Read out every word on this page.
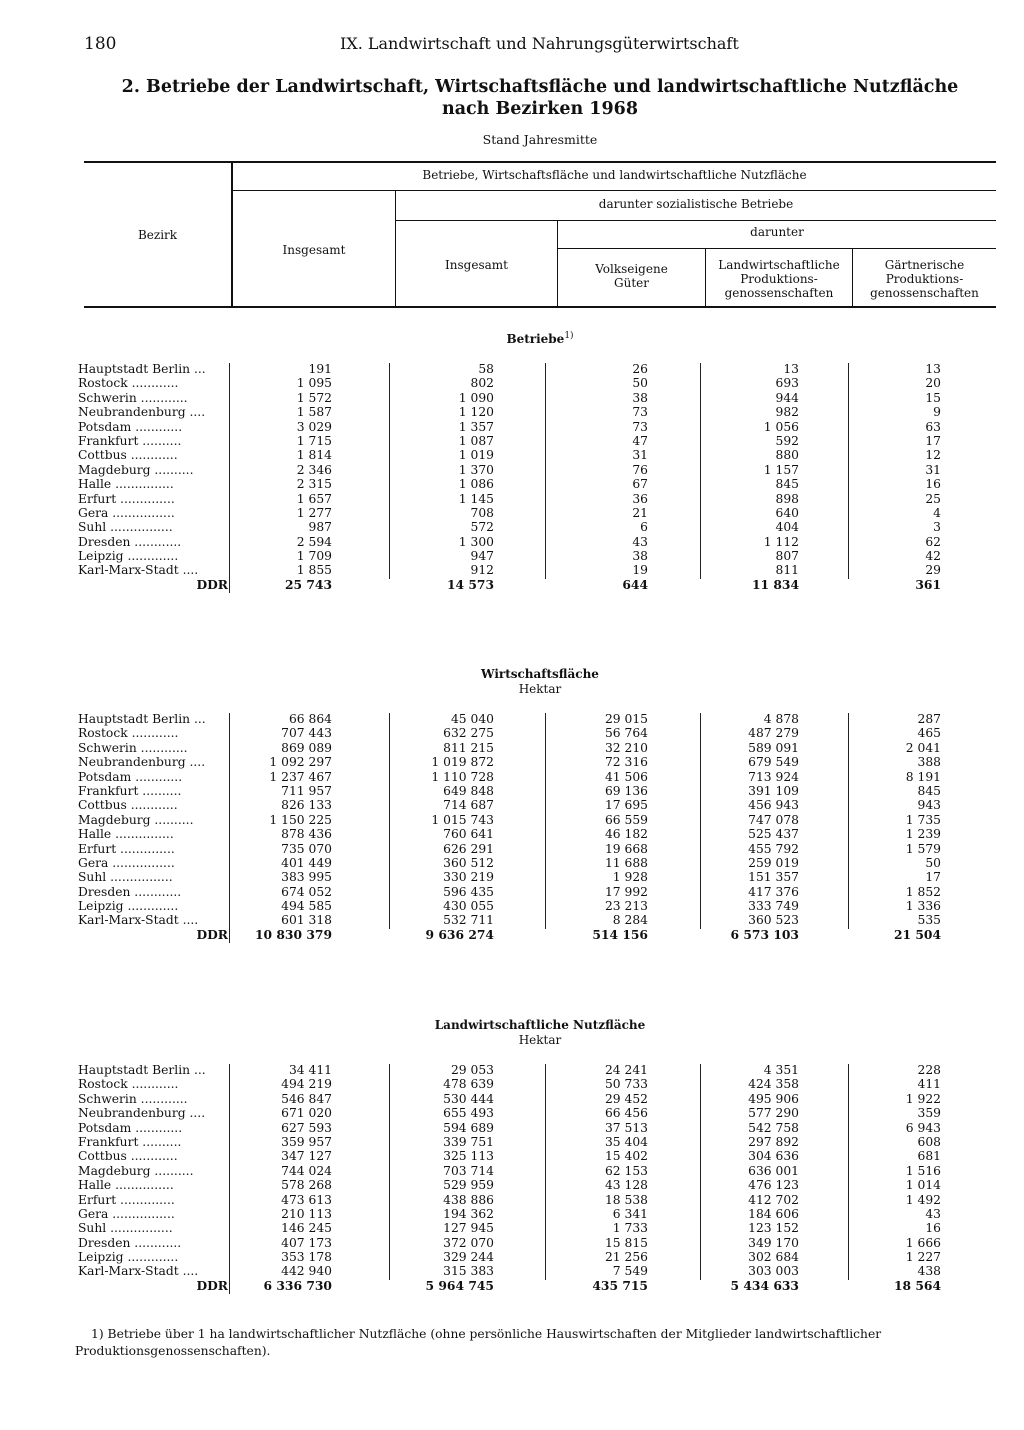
180	IX. Landwirtschaft und Nahrungsgüterwirtschaft
2. Betriebe der Landwirtschaft, Wirtschaftsfläche und landwirtschaftliche Nutzfläche
nach Bezirken 1968
Stand Jahresmitte
Bezirk
Betriebe, Wirtschaftsfläche und landwirtschaftliche Nutzfläche
Insgesamt
darunter sozialistische Betriebe
Insgesamt
darunter
Volkseigene
Güter
Landwirtschaftliche
Produktions-
genossenschaften
Gärtnerische
Produktions-
genossenschaften
Betriebe$^{1)}$
Hauptstadt Berlin ...	191	58	26	13	13
Rostock ............	1 095	802	50	693	20
Schwerin ............	1 572	1 090	38	944	15
Neubrandenburg ....	1 587	1 120	73	982	9
Potsdam ............	3 029	1 357	73	1 056	63
Frankfurt ..........	1 715	1 087	47	592	17
Cottbus ............	1 814	1 019	31	880	12
Magdeburg ..........	2 346	1 370	76	1 157	31
Halle ...............	2 315	1 086	67	845	16
Erfurt ..............	1 657	1 145	36	898	25
Gera ................	1 277	708	21	640	4
Suhl ................	987	572	6	404	3
Dresden ............	2 594	1 300	43	1 112	62
Leipzig .............	1 709	947	38	807	42
Karl-Marx-Stadt ....	1 855	912	19	811	29
DDR	25 743	14 573	644	11 834	361
Wirtschaftsfläche
Hektar
Hauptstadt Berlin ...	66 864	45 040	29 015	4 878	287
Rostock ............	707 443	632 275	56 764	487 279	465
Schwerin ............	869 089	811 215	32 210	589 091	2 041
Neubrandenburg ....	1 092 297	1 019 872	72 316	679 549	388
Potsdam ............	1 237 467	1 110 728	41 506	713 924	8 191
Frankfurt ..........	711 957	649 848	69 136	391 109	845
Cottbus ............	826 133	714 687	17 695	456 943	943
Magdeburg ..........	1 150 225	1 015 743	66 559	747 078	1 735
Halle ...............	878 436	760 641	46 182	525 437	1 239
Erfurt ..............	735 070	626 291	19 668	455 792	1 579
Gera ................	401 449	360 512	11 688	259 019	50
Suhl ................	383 995	330 219	1 928	151 357	17
Dresden ............	674 052	596 435	17 992	417 376	1 852
Leipzig .............	494 585	430 055	23 213	333 749	1 336
Karl-Marx-Stadt ....	601 318	532 711	8 284	360 523	535
DDR	10 830 379	9 636 274	514 156	6 573 103	21 504
Landwirtschaftliche Nutzfläche
Hektar
Hauptstadt Berlin ...	34 411	29 053	24 241	4 351	228
Rostock ............	494 219	478 639	50 733	424 358	411
Schwerin ............	546 847	530 444	29 452	495 906	1 922
Neubrandenburg ....	671 020	655 493	66 456	577 290	359
Potsdam ............	627 593	594 689	37 513	542 758	6 943
Frankfurt ..........	359 957	339 751	35 404	297 892	608
Cottbus ............	347 127	325 113	15 402	304 636	681
Magdeburg ..........	744 024	703 714	62 153	636 001	1 516
Halle ...............	578 268	529 959	43 128	476 123	1 014
Erfurt ..............	473 613	438 886	18 538	412 702	1 492
Gera ................	210 113	194 362	6 341	184 606	43
Suhl ................	146 245	127 945	1 733	123 152	16
Dresden ............	407 173	372 070	15 815	349 170	1 666
Leipzig .............	353 178	329 244	21 256	302 684	1 227
Karl-Marx-Stadt ....	442 940	315 383	7 549	303 003	438
DDR	6 336 730	5 964 745	435 715	5 434 633	18 564
1) Betriebe über 1 ha landwirtschaftlicher Nutzfläche (ohne persönliche Hauswirtschaften der Mitglieder landwirtschaftlicher Produktionsgenossenschaften).
